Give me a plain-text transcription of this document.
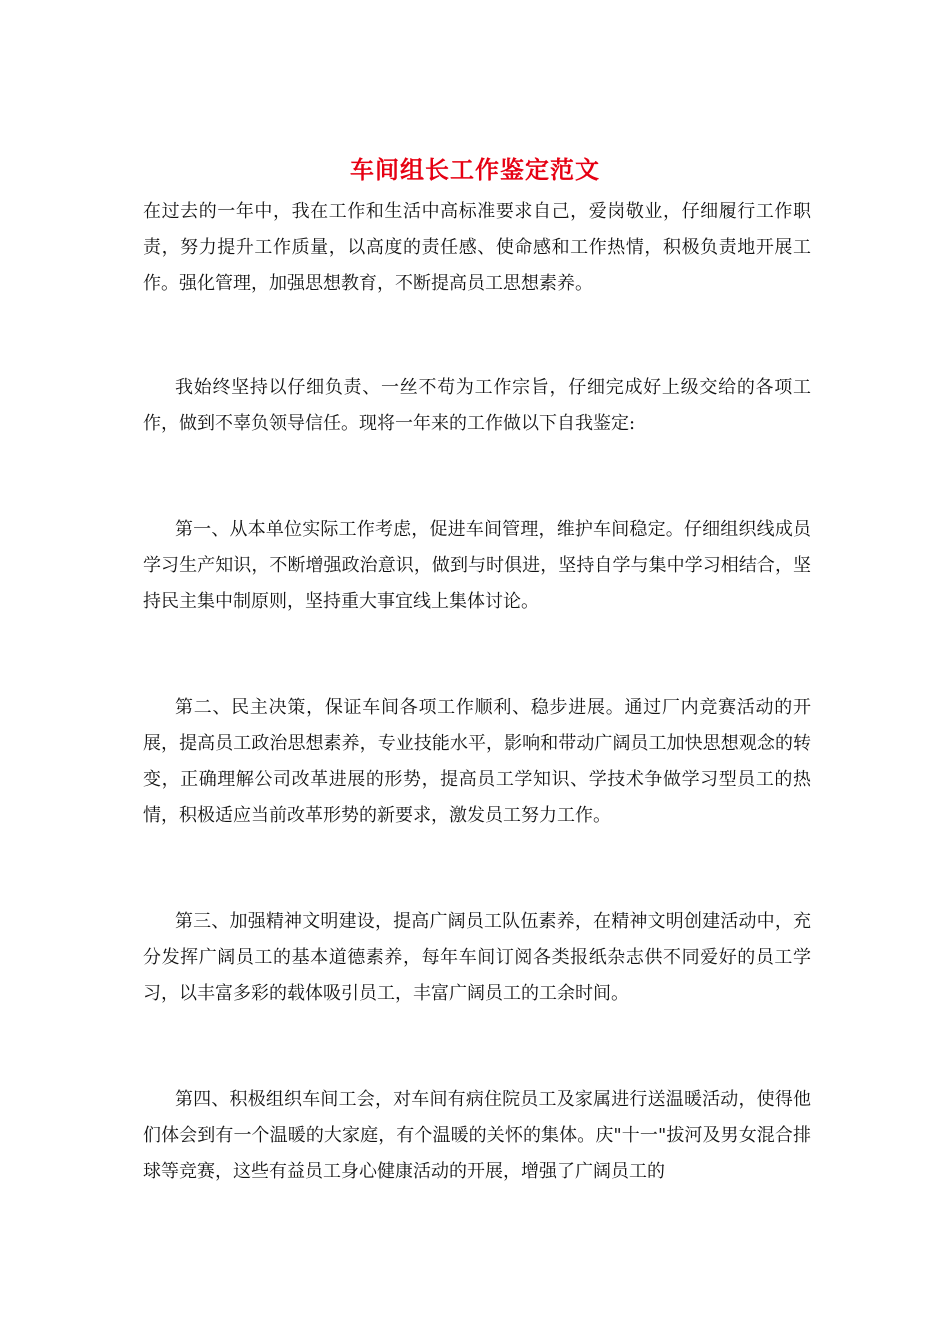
车间组长工作鉴定范文

在过去的一年中，我在工作和生活中高标准要求自己，爱岗敬业，仔细履行工作职责，努力提升工作质量，以高度的责任感、使命感和工作热情，积极负责地开展工作。强化管理，加强思想教育，不断提高员工思想素养。

我始终坚持以仔细负责、一丝不苟为工作宗旨，仔细完成好上级交给的各项工作，做到不辜负领导信任。现将一年来的工作做以下自我鉴定:

第一、从本单位实际工作考虑，促进车间管理，维护车间稳定。仔细组织线成员学习生产知识，不断增强政治意识，做到与时俱进，坚持自学与集中学习相结合，坚持民主集中制原则，坚持重大事宜线上集体讨论。

第二、民主决策，保证车间各项工作顺利、稳步进展。通过厂内竞赛活动的开展，提高员工政治思想素养，专业技能水平，影响和带动广阔员工加快思想观念的转变，正确理解公司改革进展的形势，提高员工学知识、学技术争做学习型员工的热情，积极适应当前改革形势的新要求，激发员工努力工作。

第三、加强精神文明建设，提高广阔员工队伍素养，在精神文明创建活动中，充分发挥广阔员工的基本道德素养，每年车间订阅各类报纸杂志供不同爱好的员工学习，以丰富多彩的载体吸引员工，丰富广阔员工的工余时间。

第四、积极组织车间工会，对车间有病住院员工及家属进行送温暖活动，使得他们体会到有一个温暖的大家庭，有个温暖的关怀的集体。庆"十一"拔河及男女混合排球等竞赛，这些有益员工身心健康活动的开展，增强了广阔员工的
